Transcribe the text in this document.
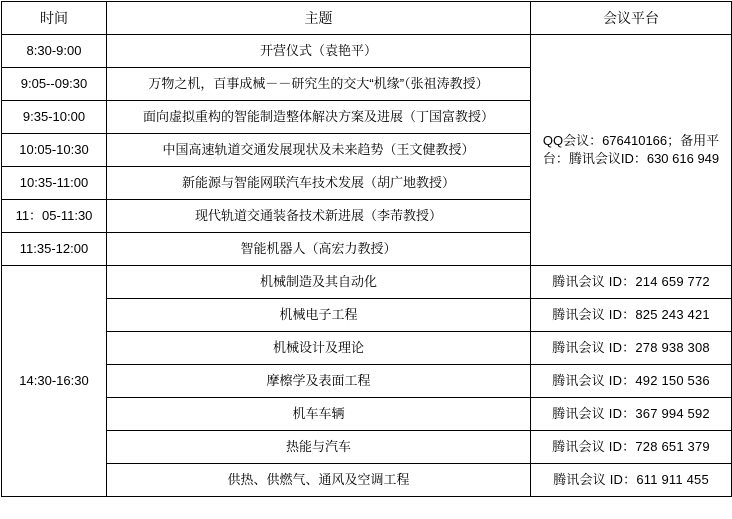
时间	主题	会议平台
8:30-9:00	开营仪式（袁艳平）	QQ会议：676410166；备用平台：腾讯会议ID：630 616 949
9:05--09:30	万物之机，百事成械－－研究生的交大“机缘”（张祖涛教授）	
9:35-10:00	面向虚拟重构的智能制造整体解决方案及进展（丁国富教授）	
10:05-10:30	中国高速轨道交通发展现状及未来趋势（王文健教授）	
10:35-11:00	新能源与智能网联汽车技术发展（胡广地教授）	
11：05-11:30	现代轨道交通装备技术新进展（李芾教授）	
11:35-12:00	智能机器人（高宏力教授）	
14:30-16:30	机械制造及其自动化	腾讯会议 ID：214 659 772
	机械电子工程	腾讯会议 ID：825 243 421
	机械设计及理论	腾讯会议 ID：278 938 308
	摩檫学及表面工程	腾讯会议 ID：492 150 536
	机车车辆	腾讯会议 ID：367 994 592
	热能与汽车	腾讯会议 ID：728 651 379
	供热、供燃气、通风及空调工程	腾讯会议 ID：611 911 455
